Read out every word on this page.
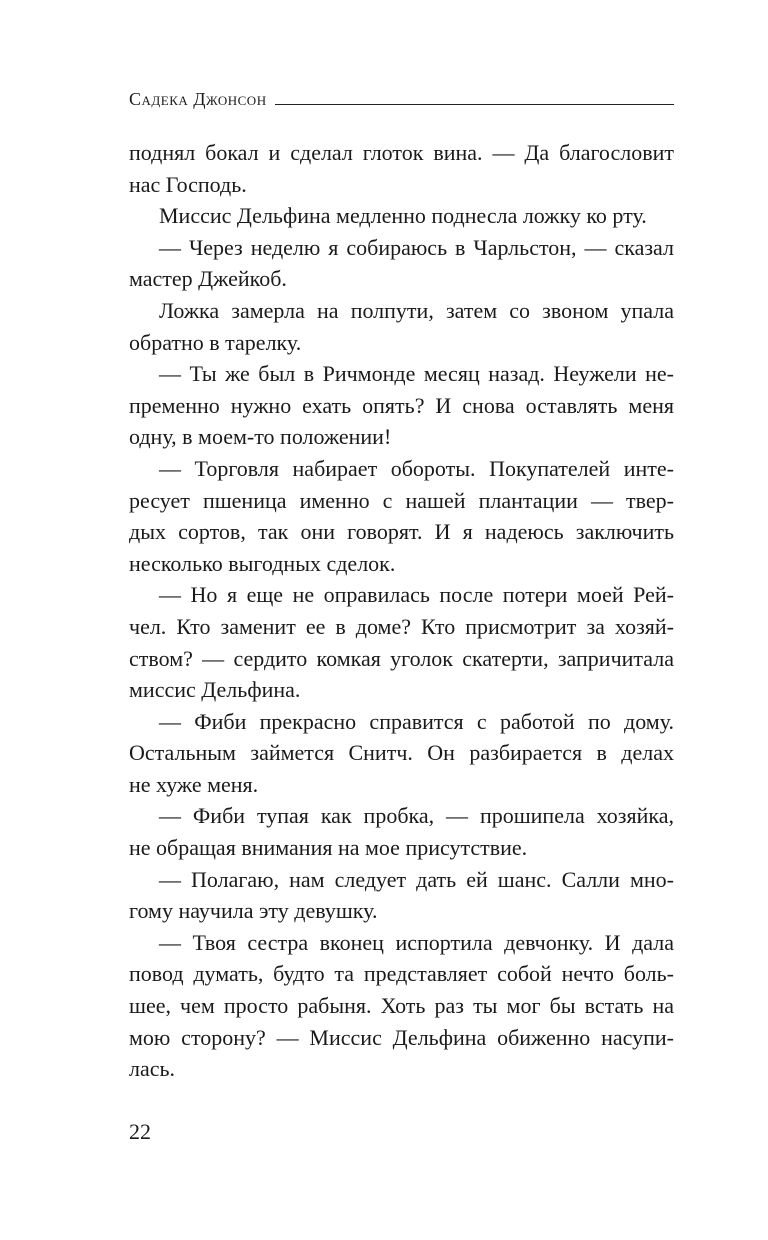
Садека Джонсон
поднял бокал и сделал глоток вина. — Да благословит
нас Господь.
Миссис Дельфина медленно поднесла ложку ко рту.
— Через неделю я собираюсь в Чарльстон, — сказал
мастер Джейкоб.
Ложка замерла на полпути, затем со звоном упала
обратно в тарелку.
— Ты же был в Ричмонде месяц назад. Неужели не-
пременно нужно ехать опять? И снова оставлять меня
одну, в моем-то положении!
— Торговля набирает обороты. Покупателей инте-
ресует пшеница именно с нашей плантации — твер-
дых сортов, так они говорят. И я надеюсь заключить
несколько выгодных сделок.
— Но я еще не оправилась после потери моей Рей-
чел. Кто заменит ее в доме? Кто присмотрит за хозяй-
ством? — сердито комкая уголок скатерти, запричитала
миссис Дельфина.
— Фиби прекрасно справится с работой по дому.
Остальным займется Снитч. Он разбирается в делах
не хуже меня.
— Фиби тупая как пробка, — прошипела хозяйка,
не обращая внимания на мое присутствие.
— Полагаю, нам следует дать ей шанс. Салли мно-
гому научила эту девушку.
— Твоя сестра вконец испортила девчонку. И дала
повод думать, будто та представляет собой нечто боль-
шее, чем просто рабыня. Хоть раз ты мог бы встать на
мою сторону? — Миссис Дельфина обиженно насупи-
лась.
22
